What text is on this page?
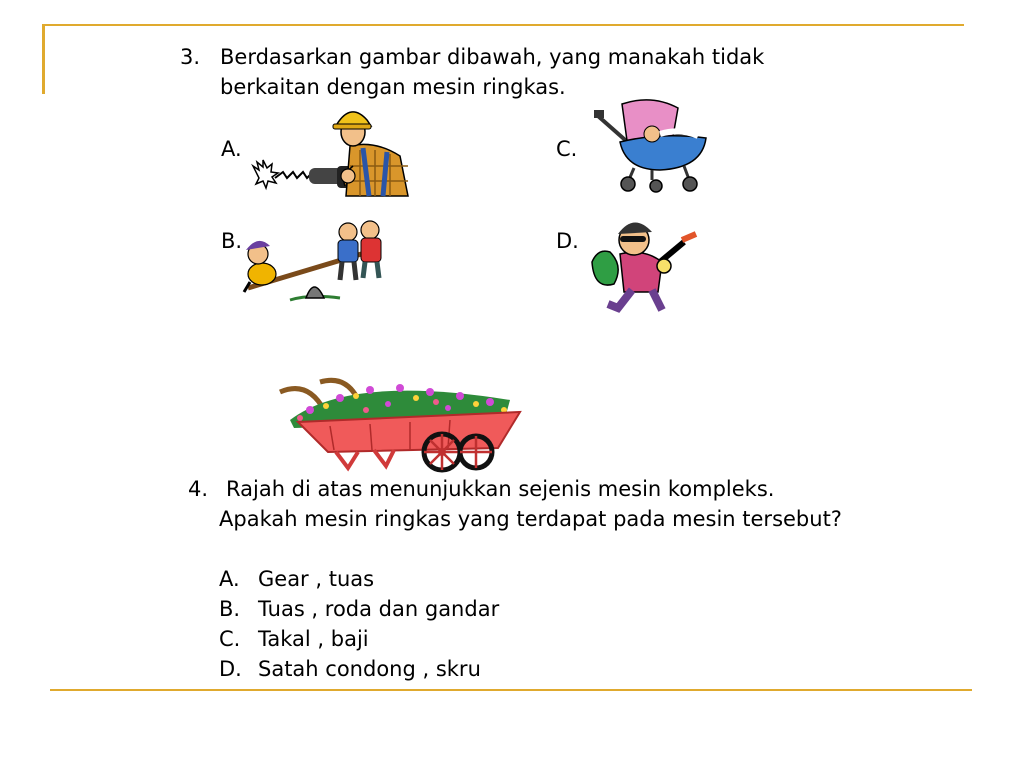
3. Berdasarkan gambar dibawah, yang manakah tidak
berkaitan dengan mesin ringkas.
A.
B.
C.
D.
4. Rajah di atas menunjukkan sejenis mesin kompleks.
Apakah mesin ringkas yang terdapat pada mesin tersebut?
A. Gear , tuas
B. Tuas , roda dan gandar
C. Takal , baji
D. Satah condong , skru
